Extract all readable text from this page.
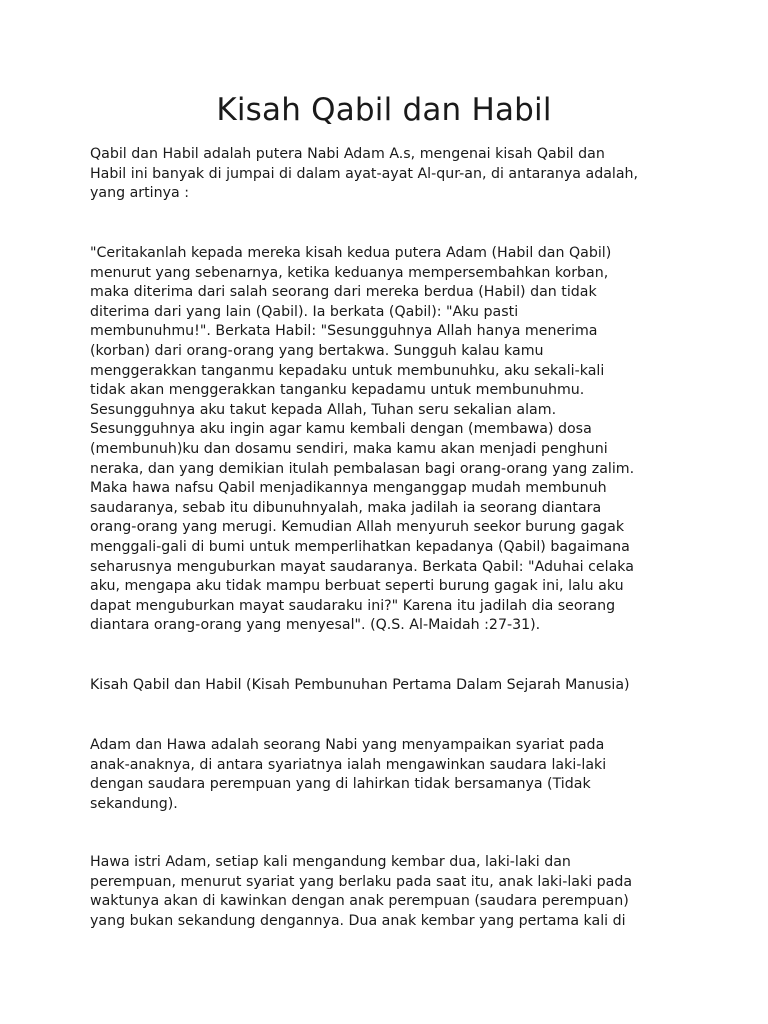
Kisah Qabil dan Habil

Qabil dan Habil adalah putera Nabi Adam A.s, mengenai kisah Qabil dan
Habil ini banyak di jumpai di dalam ayat-ayat Al-qur-an, di antaranya adalah,
yang artinya :

"Ceritakanlah kepada mereka kisah kedua putera Adam (Habil dan Qabil)
menurut yang sebenarnya, ketika keduanya mempersembahkan korban,
maka diterima dari salah seorang dari mereka berdua (Habil) dan tidak
diterima dari yang lain (Qabil). Ia berkata (Qabil): "Aku pasti
membunuhmu!". Berkata Habil: "Sesungguhnya Allah hanya menerima
(korban) dari orang-orang yang bertakwa. Sungguh kalau kamu
menggerakkan tanganmu kepadaku untuk membunuhku, aku sekali-kali
tidak akan menggerakkan tanganku kepadamu untuk membunuhmu.
Sesungguhnya aku takut kepada Allah, Tuhan seru sekalian alam.
Sesungguhnya aku ingin agar kamu kembali dengan (membawa) dosa
(membunuh)ku dan dosamu sendiri, maka kamu akan menjadi penghuni
neraka, dan yang demikian itulah pembalasan bagi orang-orang yang zalim.
Maka hawa nafsu Qabil menjadikannya menganggap mudah membunuh
saudaranya, sebab itu dibunuhnyalah, maka jadilah ia seorang diantara
orang-orang yang merugi. Kemudian Allah menyuruh seekor burung gagak
menggali-gali di bumi untuk memperlihatkan kepadanya (Qabil) bagaimana
seharusnya menguburkan mayat saudaranya. Berkata Qabil: "Aduhai celaka
aku, mengapa aku tidak mampu berbuat seperti burung gagak ini, lalu aku
dapat menguburkan mayat saudaraku ini?" Karena itu jadilah dia seorang
diantara orang-orang yang menyesal". (Q.S. Al-Maidah :27-31).

Kisah Qabil dan Habil (Kisah Pembunuhan Pertama Dalam Sejarah Manusia)

Adam dan Hawa adalah seorang Nabi yang menyampaikan syariat pada
anak-anaknya, di antara syariatnya ialah mengawinkan saudara laki-laki
dengan saudara perempuan yang di lahirkan tidak bersamanya (Tidak
sekandung).

Hawa istri Adam, setiap kali mengandung kembar dua, laki-laki dan
perempuan, menurut syariat yang berlaku pada saat itu, anak laki-laki pada
waktunya akan di kawinkan dengan anak perempuan (saudara perempuan)
yang bukan sekandung dengannya. Dua anak kembar yang pertama kali di
